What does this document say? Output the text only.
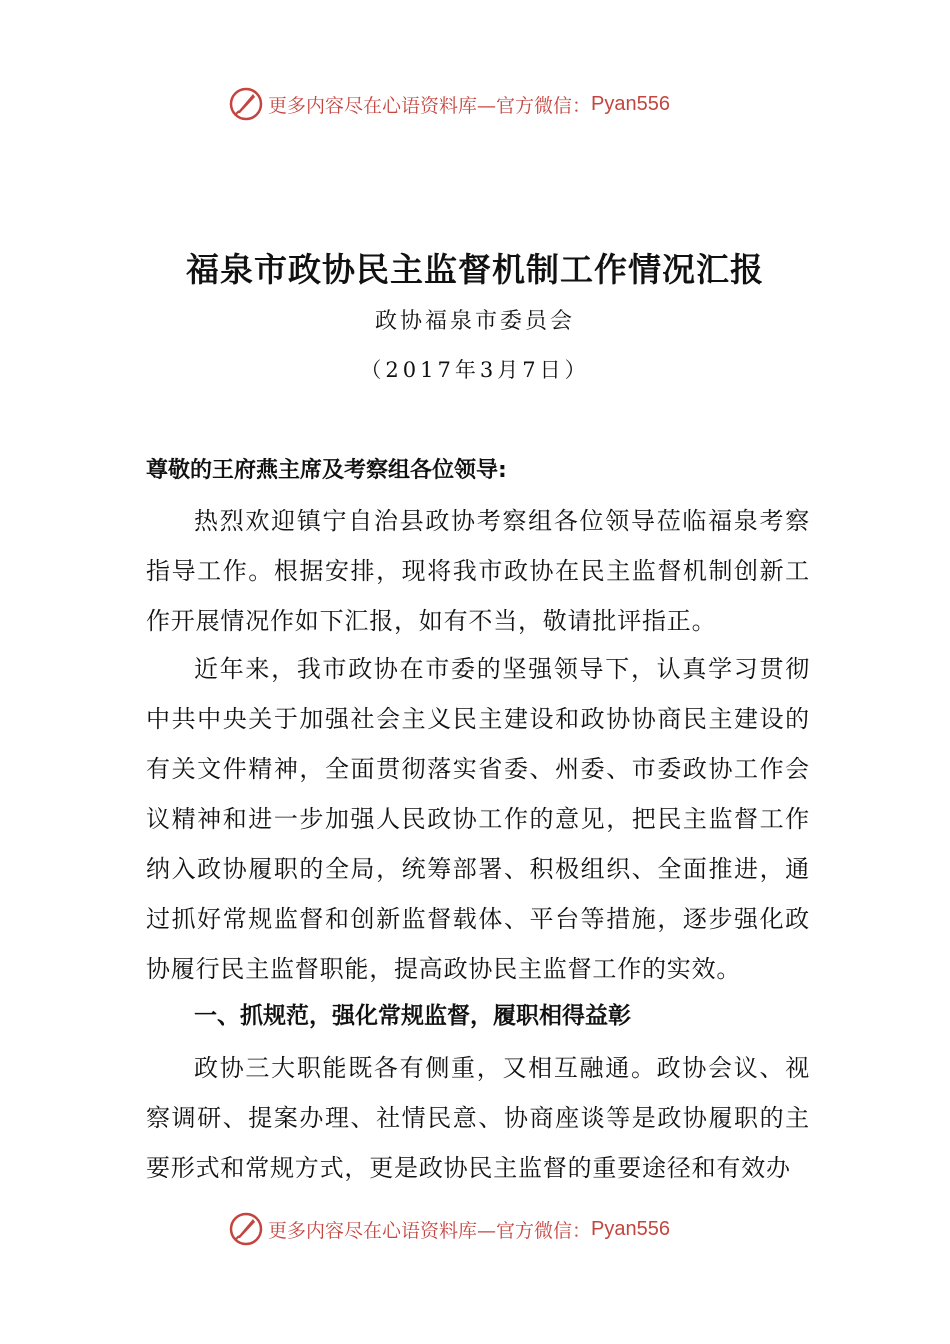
更多内容尽在心语资料库—官方微信： Pyan556
福泉市政协民主监督机制工作情况汇报
政协福泉市委员会
（2017年3月7日）
尊敬的王府燕主席及考察组各位领导:
热烈欢迎镇宁自治县政协考察组各位领导莅临福泉考察指导工作。根据安排，现将我市政协在民主监督机制创新工作开展情况作如下汇报，如有不当，敬请批评指正。
近年来，我市政协在市委的坚强领导下，认真学习贯彻中共中央关于加强社会主义民主建设和政协协商民主建设的有关文件精神，全面贯彻落实省委、州委、市委政协工作会议精神和进一步加强人民政协工作的意见，把民主监督工作纳入政协履职的全局，统筹部署、积极组织、全面推进，通过抓好常规监督和创新监督载体、平台等措施，逐步强化政协履行民主监督职能，提高政协民主监督工作的实效。
一、抓规范，强化常规监督，履职相得益彰
政协三大职能既各有侧重，又相互融通。政协会议、视察调研、提案办理、社情民意、协商座谈等是政协履职的主要形式和常规方式，更是政协民主监督的重要途径和有效办
更多内容尽在心语资料库—官方微信： Pyan556
